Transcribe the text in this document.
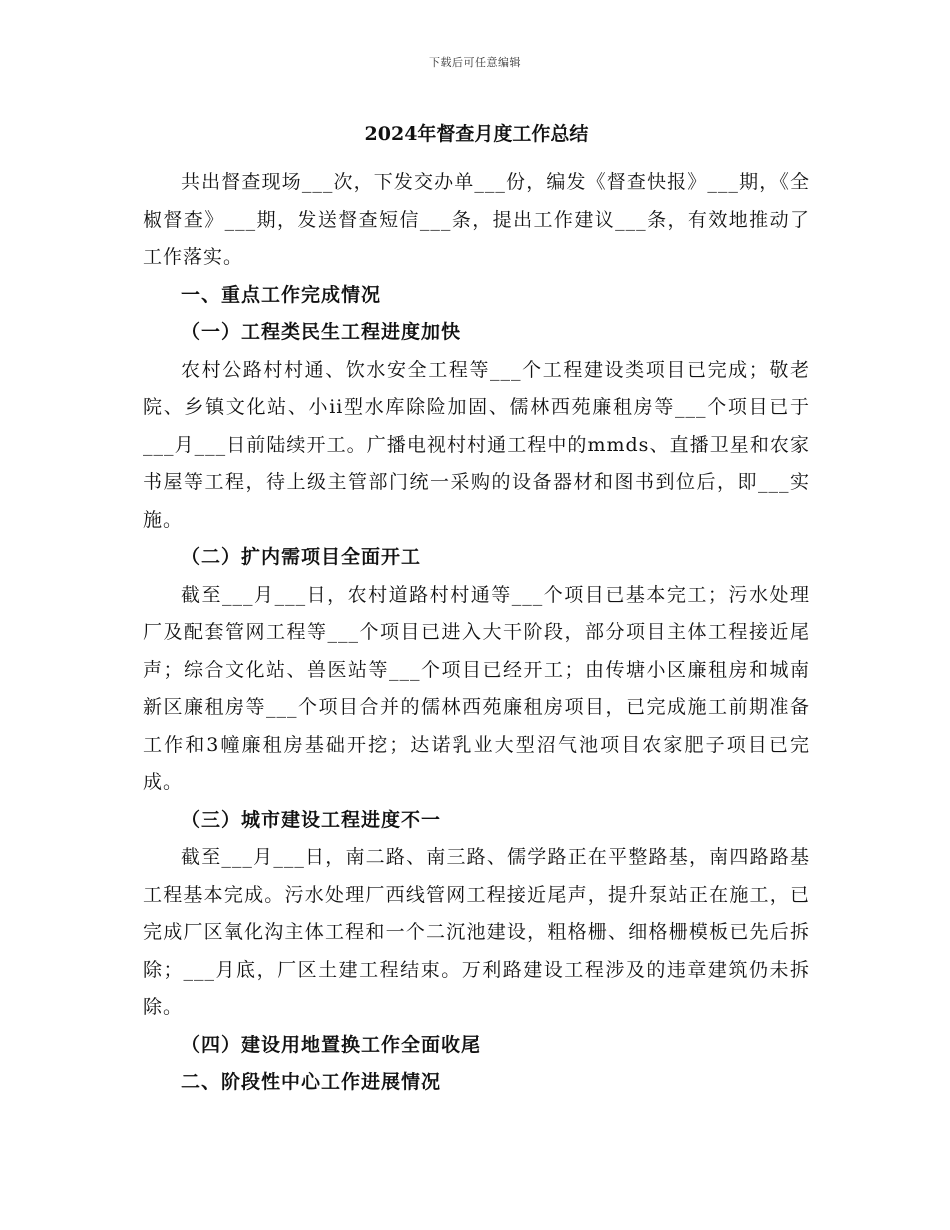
下载后可任意编辑
2024年督查月度工作总结

共出督查现场___次，下发交办单___份，编发《督查快报》___期，《全椒督查》___期，发送督查短信___条，提出工作建议___条，有效地推动了工作落实。

一、重点工作完成情况

（一）工程类民生工程进度加快

农村公路村村通、饮水安全工程等___个工程建设类项目已完成；敬老院、乡镇文化站、小ii型水库除险加固、儒林西苑廉租房等___个项目已于___月___日前陆续开工。广播电视村村通工程中的mmds、直播卫星和农家书屋等工程，待上级主管部门统一采购的设备器材和图书到位后，即___实施。

（二）扩内需项目全面开工

截至___月___日，农村道路村村通等___个项目已基本完工；污水处理厂及配套管网工程等___个项目已进入大干阶段，部分项目主体工程接近尾声；综合文化站、兽医站等___个项目已经开工；由传塘小区廉租房和城南新区廉租房等___个项目合并的儒林西苑廉租房项目，已完成施工前期准备工作和3幢廉租房基础开挖；达诺乳业大型沼气池项目农家肥子项目已完成。

（三）城市建设工程进度不一

截至___月___日，南二路、南三路、儒学路正在平整路基，南四路路基工程基本完成。污水处理厂西线管网工程接近尾声，提升泵站正在施工，已完成厂区氧化沟主体工程和一个二沉池建设，粗格栅、细格栅模板已先后拆除；___月底，厂区土建工程结束。万利路建设工程涉及的违章建筑仍未拆除。

（四）建设用地置换工作全面收尾

二、阶段性中心工作进展情况
